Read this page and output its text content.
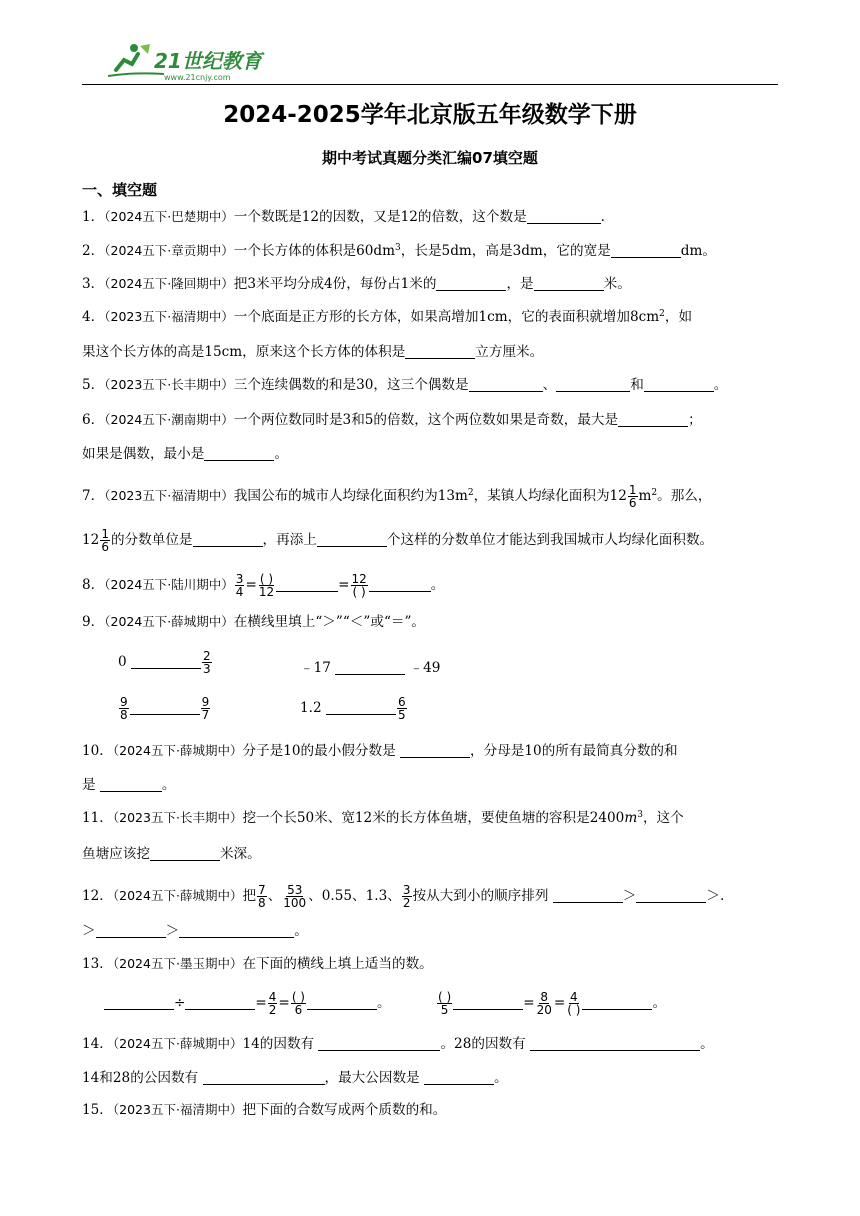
21世纪教育
www.21cnjy.com
2024-2025学年北京版五年级数学下册
期中考试真题分类汇编07填空题
一、填空题
1．（2024五下·巴楚期中）一个数既是12的因数，又是12的倍数，这个数是	.
2．（2024五下·章贡期中）一个长方体的体积是$60dm^3$，长是5dm，高是3dm，它的宽是	dm。
3．（2024五下·隆回期中）把3米平均分成4份，每份占1米的	，是	米。
4．（2023五下·福清期中）一个底面是正方形的长方体，如果高增加1cm，它的表面积就增加$8cm^2$，如
果这个长方体的高是15cm，原来这个长方体的体积是	立方厘米。
5．（2023五下·长丰期中）三个连续偶数的和是30，这三个偶数是	、	和	。
6．（2024五下·潮南期中）一个两位数同时是3和5的倍数，这个两位数如果是奇数，最大是	；
如果是偶数，最小是	。
7．（2023五下·福清期中）我国公布的城市人均绿化面积约为$13m^2$，某镇人均绿化面积为$12 \frac{1}{6} m^2$。那么，
$12 \frac{1}{6}$ 的分数单位是	，再添上	个这样的分数单位才能达到我国城市人均绿化面积数。
8．（2024五下·陆川期中） $\frac{3}{4} = \frac{( )}{12}$	= $\frac{12}{( )}$	。
9．（2024五下·薛城期中）在横线里填上“＞”“＜”或“＝”。
0	$\frac{2}{3}$	﹣17	﹣49
$\frac{9}{8}$	$\frac{9}{7}$	1.2	$\frac{6}{5}$
10．（2024五下·薛城期中）分子是10的最小假分数是	，分母是10的所有最简真分数的和
是	。
11．（2023五下·长丰期中）挖一个长50米、宽12米的长方体鱼塘，要使鱼塘的容积是$2400m^3$，这个
鱼塘应该挖	米深。
12．（2024五下·薛城期中）把 $\frac{7}{8}$ 、 $\frac{53}{100}$ 、0.55、1.3、 $\frac{3}{2}$ 按从大到小的顺序排列	＞	＞.
＞	＞	。
13．（2024五下·墨玉期中）在下面的横线上填上适当的数。
÷	= $\frac{4}{2} = \frac{( )}{6}$	。	$\frac{( )}{5}$	= $\frac{8}{20} = \frac{4}{( )}$	。
14．（2024五下·薛城期中）14的因数有	。28的因数有	。
14和28的公因数有	，最大公因数是	。
15．（2023五下·福清期中）把下面的合数写成两个质数的和。
